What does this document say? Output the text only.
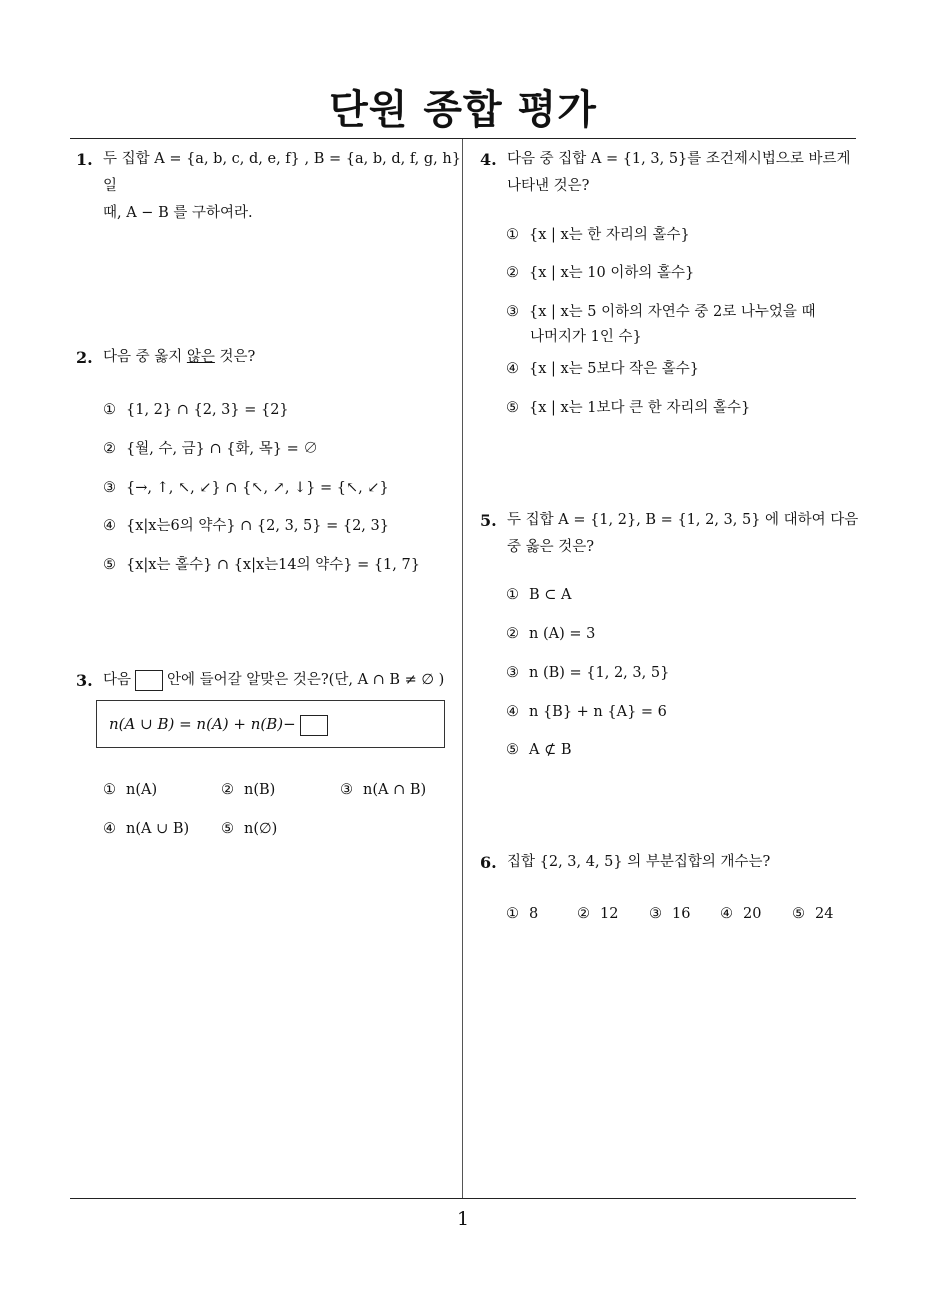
단원 종합 평가
1. 두 집합 A = {a, b, c, d, e, f} , B = {a, b, d, f, g, h} 일
때, A − B 를 구하여라.
2. 다음 중 옳지 않은 것은?
① {1, 2} ∩ {2, 3} = {2}
② {월, 수, 금} ∩ {화, 목} = ∅
③ {→, ↑, ↖, ↙} ∩ {↖, ↗, ↓} = {↖, ↙}
④ {x|x는6의 약수} ∩ {2, 3, 5} = {2, 3}
⑤ {x|x는 홀수} ∩ {x|x는14의 약수} = {1, 7}
3. 다음 안에 들어갈 알맞은 것은?(단, A ∩ B ≠ ∅ )
n(A ∪ B) = n(A) + n(B)−
① n(A)	② n(B)	③ n(A ∩ B)
④ n(A ∪ B) ⑤ n(∅)
4. 다음 중 집합 A = {1, 3, 5}를 조건제시법으로 바르게
나타낸 것은?
① {x | x는 한 자리의 홀수}
② {x | x는 10 이하의 홀수}
③ {x | x는 5 이하의 자연수 중 2로 나누었을 때
나머지가 1인 수}
④ {x | x는 5보다 작은 홀수}
⑤ {x | x는 1보다 큰 한 자리의 홀수}
5. 두 집합 A = {1, 2}, B = {1, 2, 3, 5} 에 대하여 다음
중 옳은 것은?
① B ⊂ A
② n (A) = 3
③ n (B) = {1, 2, 3, 5}
④ n {B} + n {A} = 6
⑤ A ⊄ B
6. 집합 {2, 3, 4, 5} 의 부분집합의 개수는?
① 8	② 12 ③ 16 ④ 20 ⑤ 24
1
